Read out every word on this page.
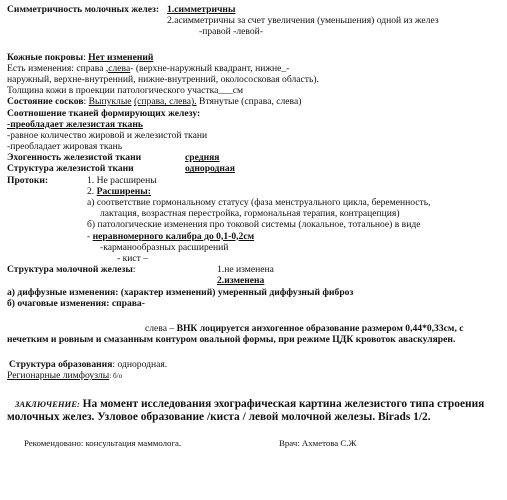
Симметричность молочных желез: 1.симметричны
2.асимметричны за счет увеличения (уменьшения) одной из желез
-правой -левой-
Кожные покровы: Нет изменений
Есть изменения: справа ,слева- (верхне-наружный квадрант, нижне_-
наружный, верхне-внутренний, нижне-внутренний, околососковая область).
Толщина кожи в проекции патологического участка___см
Состояние сосков: Выпуклые (справа, слева). Втянутые (справа, слева)
Соотношение тканей формирующих железу:
-преобладает железистая ткань
-равное количество жировой и железистой ткани
-преобладает жировая ткань
Эхогенность железистой ткани	средняя
Структура железистой ткани	однородная
Протоки:	1. Не расширены
2. Расширены:
а) соответствие гормональному статусу (фаза менструального цикла, беременность,
лактация, возрастная перестройка, гормональная терапия, контрацепция)
б) патологические изменения про токовой системы (локальное, тотальное) в виде
- неравномерного калибра до 0,1-0,2см
-карманообразных расширений
- кист –
Структура молочной железы:	1.не изменена
2.изменена
а) диффузные изменения: (характер изменений) умеренный диффузный фиброз
б) очаговые изменения: справа-
слева – ВНК лоцируется анэхогенное образование размером 0,44*0,33см, с
нечетким и ровным и смазанным контуром овальной формы, при режиме ЦДК кровоток аваскулярен.
Структура образования: однородная.
Регионарные лимфоузлы: б/о
ЗАКЛЮЧЕНИЕ: На момент исследования эхографическая картина железистого типа строения
молочных желез. Узловое образование /киста / левой молочной железы. Birads 1/2.
Рекомендовано: консультация маммолога.	Врач: Ахметова С.Ж
